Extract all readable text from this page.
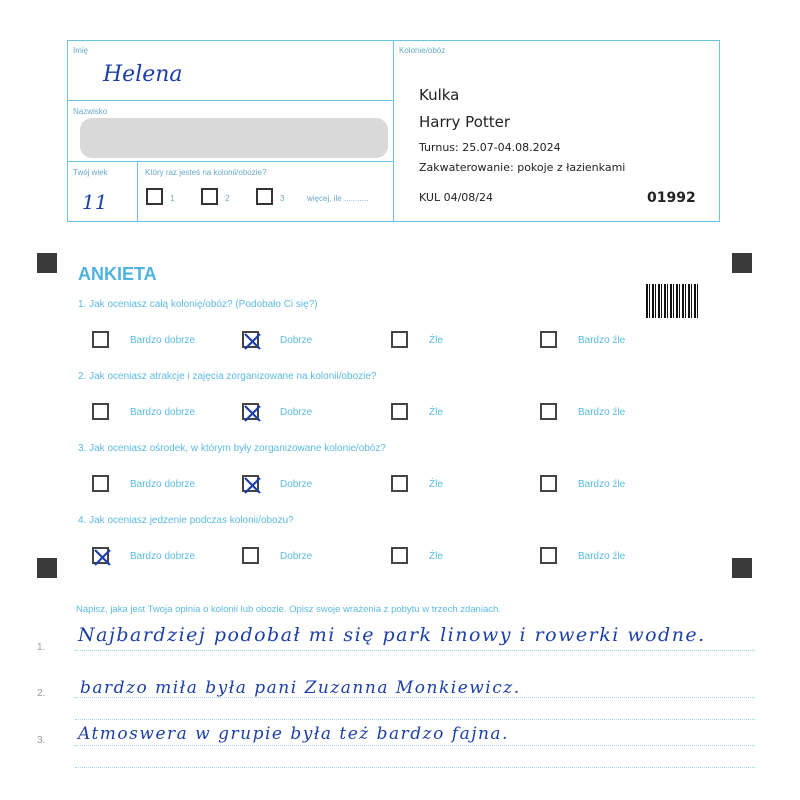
Imię
Helena
Nazwisko
Twój wiek
11
Który raz jesteś na kolonii/obozie?
1	2	3	więcej, ile ...........
Kolonie/obóz
Kulka
Harry Potter
Turnus: 25.07-04.08.2024
Zakwaterowanie: pokoje z łazienkami
KUL 04/08/24	01992
ANKIETA
1. Jak oceniasz całą kolonię/obóz? (Podobało Ci się?)
Bardzo dobrze	Dobrze	Źle	Bardzo źle
2. Jak oceniasz atrakcje i zajęcia zorganizowane na kolonii/obozie?
Bardzo dobrze	Dobrze	Źle	Bardzo źle
3. Jak oceniasz ośrodek, w którym były zorganizowane kolonie/obóz?
Bardzo dobrze	Dobrze	Źle	Bardzo źle
4. Jak oceniasz jedzenie podczas kolonii/obozu?
Bardzo dobrze	Dobrze	Źle	Bardzo źle
Napisz, jaka jest Twoja opinia o kolonii lub obozie. Opisz swoje wrażenia z pobytu w trzech zdaniach.
1.
Najbardziej podobał mi się park linowy i rowerki wodne.
2. bardzo miła była pani Zuzanna Monkiewicz.
3. Atmoswera w grupie była też bardzo fajna.
